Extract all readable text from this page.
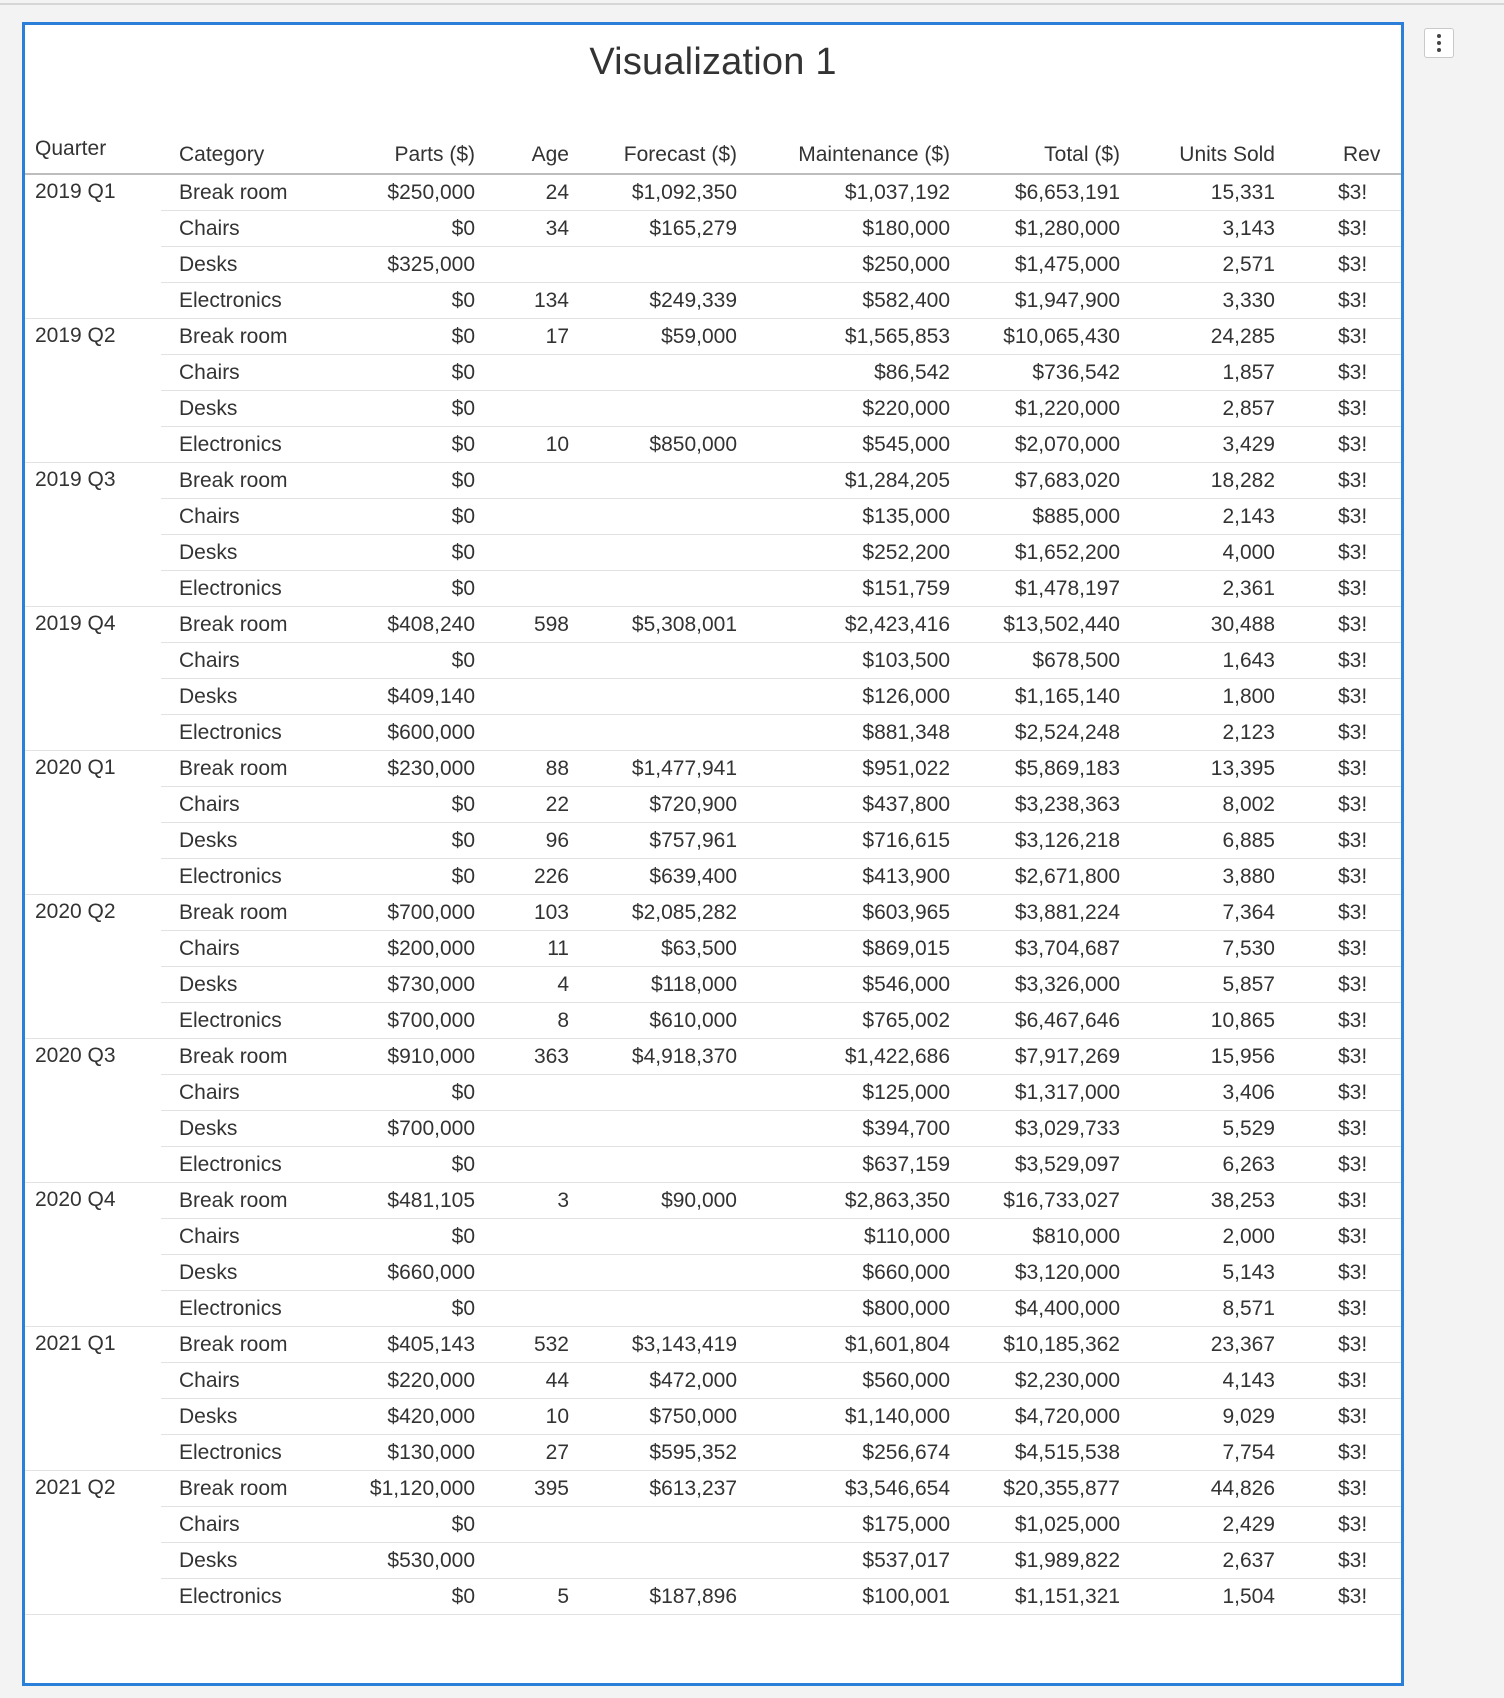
Visualization 1
Quarter	Category	Parts ($)	Age	Forecast ($)	Maintenance ($)	Total ($)	Units Sold	Rev
2019 Q1	Break room	$250,000	24	$1,092,350	$1,037,192	$6,653,191	15,331	$3!
	Chairs	$0	34	$165,279	$180,000	$1,280,000	3,143	$3!
	Desks	$325,000			$250,000	$1,475,000	2,571	$3!
	Electronics	$0	134	$249,339	$582,400	$1,947,900	3,330	$3!
2019 Q2	Break room	$0	17	$59,000	$1,565,853	$10,065,430	24,285	$3!
	Chairs	$0			$86,542	$736,542	1,857	$3!
	Desks	$0			$220,000	$1,220,000	2,857	$3!
	Electronics	$0	10	$850,000	$545,000	$2,070,000	3,429	$3!
2019 Q3	Break room	$0			$1,284,205	$7,683,020	18,282	$3!
	Chairs	$0			$135,000	$885,000	2,143	$3!
	Desks	$0			$252,200	$1,652,200	4,000	$3!
	Electronics	$0			$151,759	$1,478,197	2,361	$3!
2019 Q4	Break room	$408,240	598	$5,308,001	$2,423,416	$13,502,440	30,488	$3!
	Chairs	$0			$103,500	$678,500	1,643	$3!
	Desks	$409,140			$126,000	$1,165,140	1,800	$3!
	Electronics	$600,000			$881,348	$2,524,248	2,123	$3!
2020 Q1	Break room	$230,000	88	$1,477,941	$951,022	$5,869,183	13,395	$3!
	Chairs	$0	22	$720,900	$437,800	$3,238,363	8,002	$3!
	Desks	$0	96	$757,961	$716,615	$3,126,218	6,885	$3!
	Electronics	$0	226	$639,400	$413,900	$2,671,800	3,880	$3!
2020 Q2	Break room	$700,000	103	$2,085,282	$603,965	$3,881,224	7,364	$3!
	Chairs	$200,000	11	$63,500	$869,015	$3,704,687	7,530	$3!
	Desks	$730,000	4	$118,000	$546,000	$3,326,000	5,857	$3!
	Electronics	$700,000	8	$610,000	$765,002	$6,467,646	10,865	$3!
2020 Q3	Break room	$910,000	363	$4,918,370	$1,422,686	$7,917,269	15,956	$3!
	Chairs	$0			$125,000	$1,317,000	3,406	$3!
	Desks	$700,000			$394,700	$3,029,733	5,529	$3!
	Electronics	$0			$637,159	$3,529,097	6,263	$3!
2020 Q4	Break room	$481,105	3	$90,000	$2,863,350	$16,733,027	38,253	$3!
	Chairs	$0			$110,000	$810,000	2,000	$3!
	Desks	$660,000			$660,000	$3,120,000	5,143	$3!
	Electronics	$0			$800,000	$4,400,000	8,571	$3!
2021 Q1	Break room	$405,143	532	$3,143,419	$1,601,804	$10,185,362	23,367	$3!
	Chairs	$220,000	44	$472,000	$560,000	$2,230,000	4,143	$3!
	Desks	$420,000	10	$750,000	$1,140,000	$4,720,000	9,029	$3!
	Electronics	$130,000	27	$595,352	$256,674	$4,515,538	7,754	$3!
2021 Q2	Break room	$1,120,000	395	$613,237	$3,546,654	$20,355,877	44,826	$3!
	Chairs	$0			$175,000	$1,025,000	2,429	$3!
	Desks	$530,000			$537,017	$1,989,822	2,637	$3!
	Electronics	$0	5	$187,896	$100,001	$1,151,321	1,504	$3!
